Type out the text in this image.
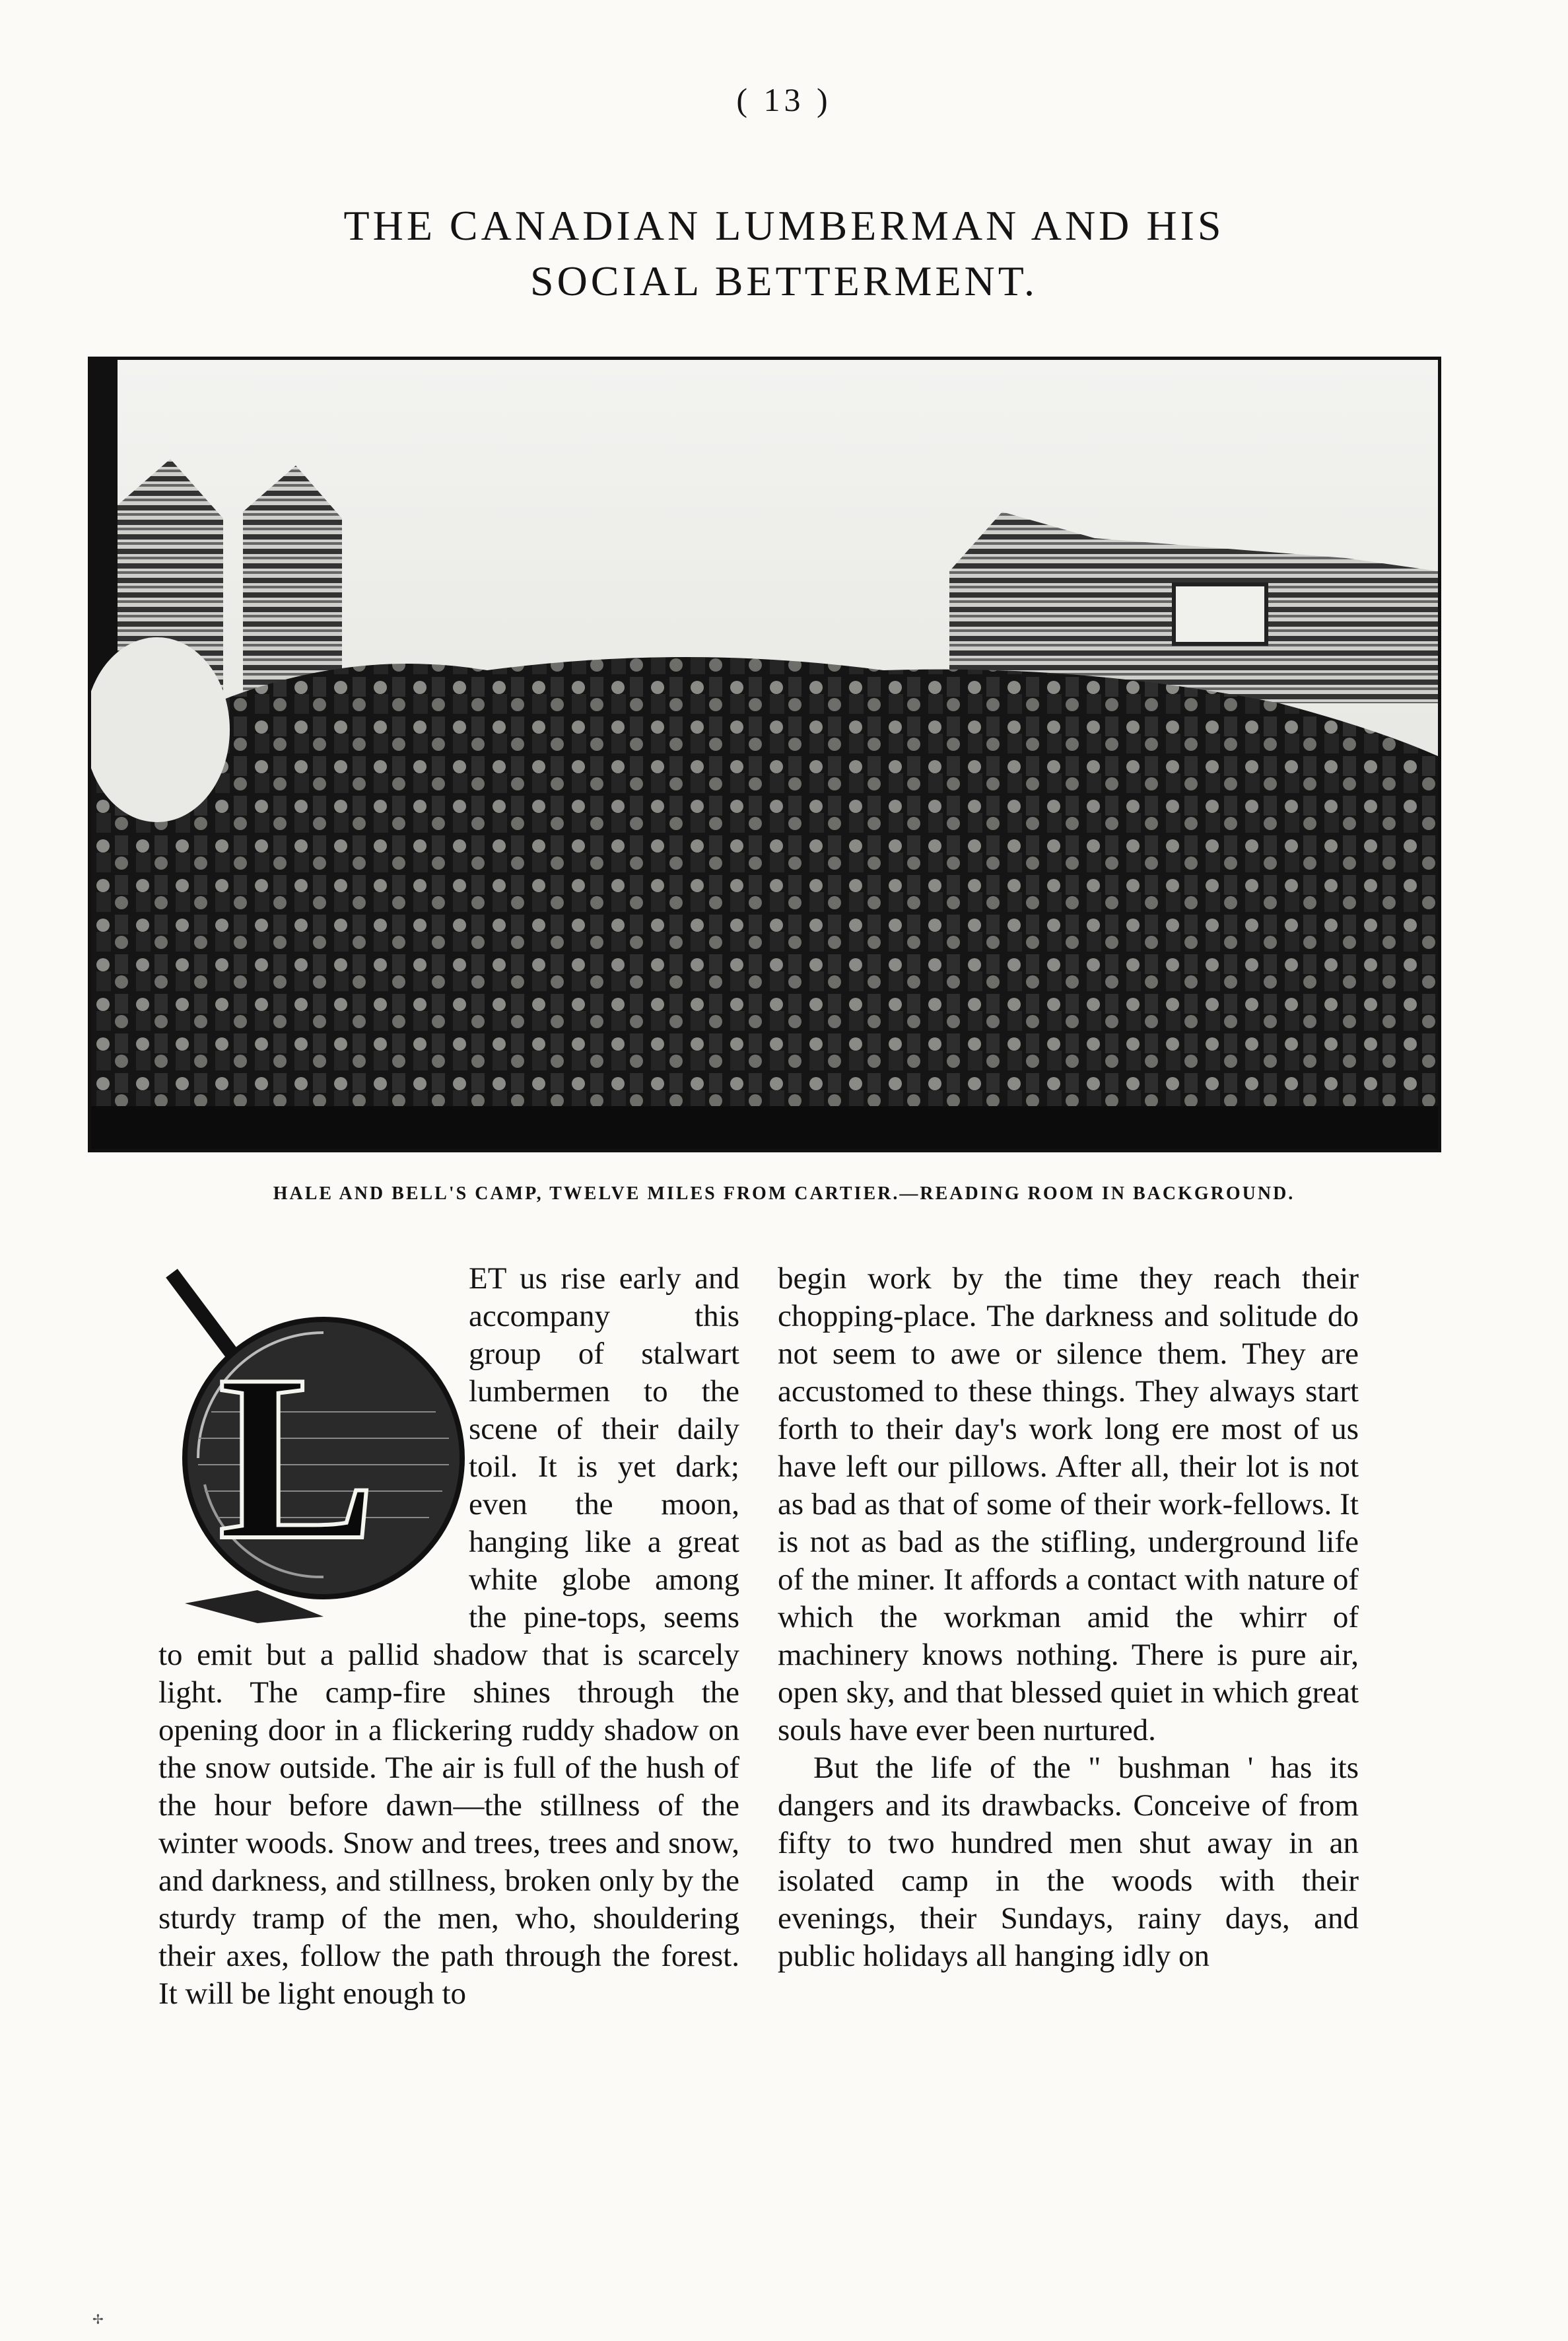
( 13 )
THE CANADIAN LUMBERMAN AND HIS
SOCIAL BETTERMENT.
HALE AND BELL'S CAMP, TWELVE MILES FROM CARTIER.—READING ROOM IN BACKGROUND.
L

ET us rise early and accompany this group of stalwart lumbermen to the scene of their daily toil. It is yet dark; even the moon, hanging like a great white globe among the pine-tops, seems to emit but a pallid shadow that is scarcely light. The camp-fire shines through the opening door in a flickering ruddy shadow on the snow outside. The air is full of the hush of the hour before dawn—the stillness of the winter woods. Snow and trees, trees and snow, and darkness, and stillness, broken only by the sturdy tramp of the men, who, shouldering their axes, follow the path through the forest. It will be light enough to

begin work by the time they reach their chopping-place. The darkness and solitude do not seem to awe or silence them. They are accustomed to these things. They always start forth to their day's work long ere most of us have left our pillows. After all, their lot is not as bad as that of some of their work-fellows. It is not as bad as the stifling, underground life of the miner. It affords a contact with nature of which the workman amid the whirr of machinery knows nothing. There is pure air, open sky, and that blessed quiet in which great souls have ever been nurtured.

But the life of the " bushman ' has its dangers and its drawbacks. Conceive of from fifty to two hundred men shut away in an isolated camp in the woods with their evenings, their Sundays, rainy days, and public holidays all hanging idly on

✢
